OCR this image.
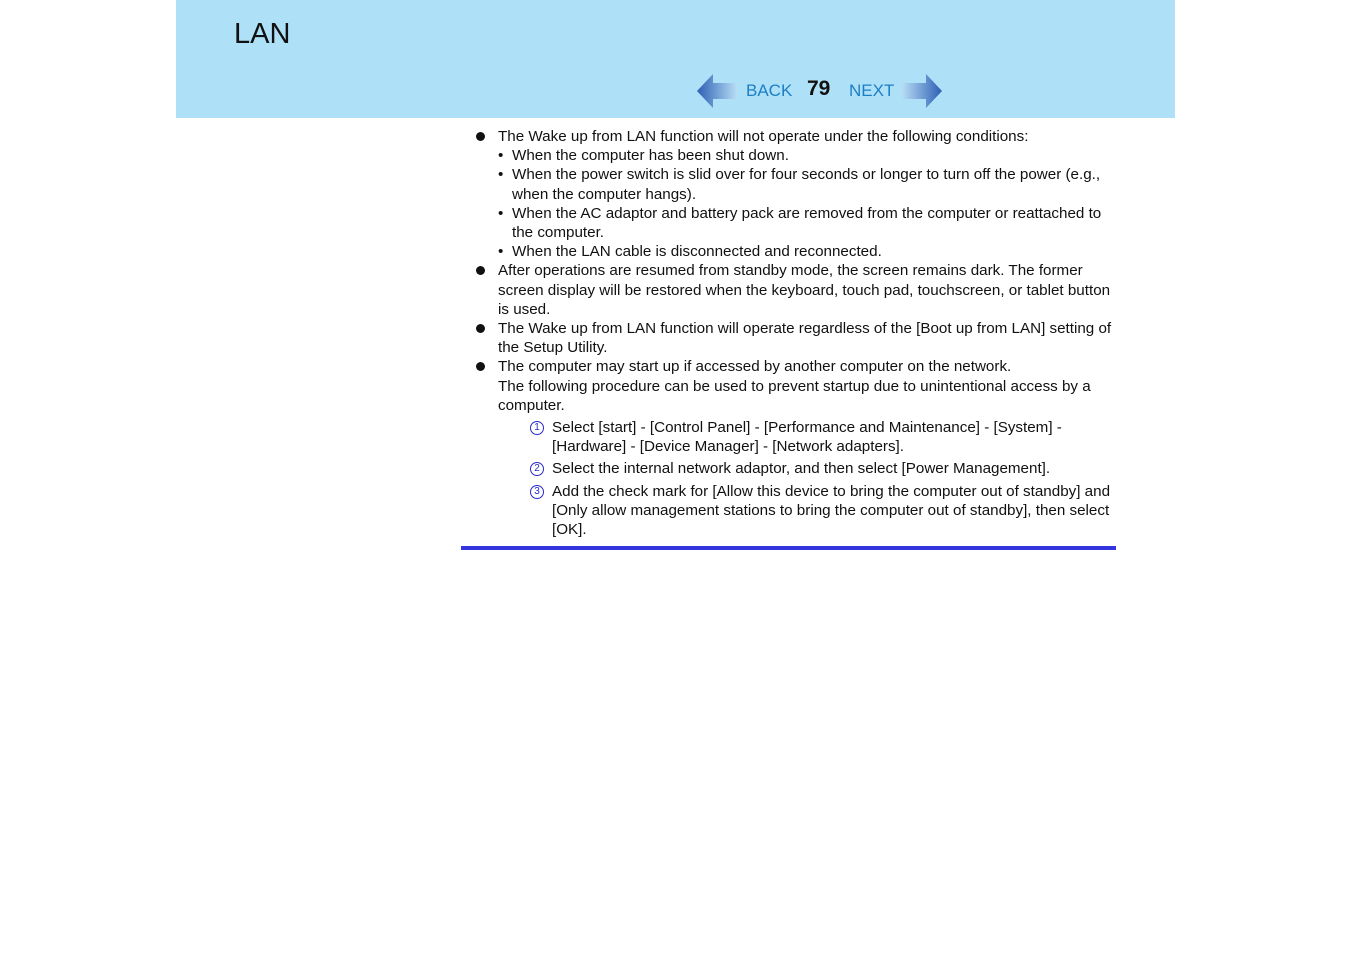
LAN
BACK 79 NEXT
The Wake up from LAN function will not operate under the following conditions:
• When the computer has been shut down.
• When the power switch is slid over for four seconds or longer to turn off the power (e.g., when the computer hangs).
• When the AC adaptor and battery pack are removed from the computer or reattached to the computer.
• When the LAN cable is disconnected and reconnected.
After operations are resumed from standby mode, the screen remains dark. The former screen display will be restored when the keyboard, touch pad, touchscreen, or tablet button is used.
The Wake up from LAN function will operate regardless of the [Boot up from LAN] setting of the Setup Utility.
The computer may start up if accessed by another computer on the network.
The following procedure can be used to prevent startup due to unintentional access by a computer.
1 Select [start] - [Control Panel] - [Performance and Maintenance] - [System] - [Hardware] - [Device Manager] - [Network adapters].
2 Select the internal network adaptor, and then select [Power Management].
3 Add the check mark for [Allow this device to bring the computer out of standby] and [Only allow management stations to bring the computer out of standby], then select [OK].
